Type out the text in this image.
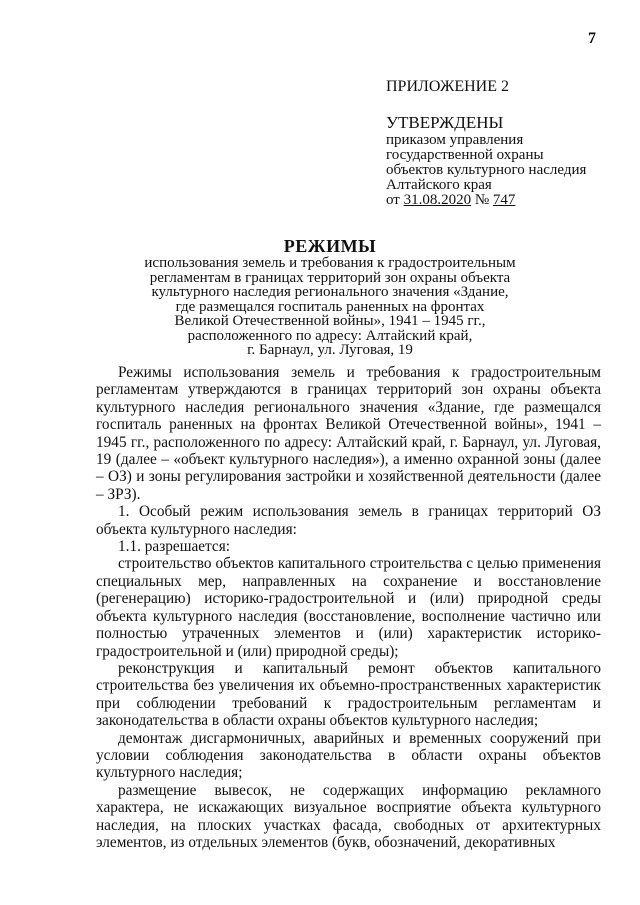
7
ПРИЛОЖЕНИЕ 2
УТВЕРЖДЕНЫ
приказом управления
государственной охраны
объектов культурного наследия
Алтайского края
от 31.08.2020 № 747
РЕЖИМЫ
использования земель и требования к градостроительным
регламентам в границах территорий зон охраны объекта
культурного наследия регионального значения «Здание,
где размещался госпиталь раненных на фронтах
Великой Отечественной войны», 1941 – 1945 гг.,
расположенного по адресу: Алтайский край,
г. Барнаул, ул. Луговая, 19

Режимы использования земель и требования к градостроительным регламентам утверждаются в границах территорий зон охраны объекта культурного наследия регионального значения «Здание, где размещался госпиталь раненных на фронтах Великой Отечественной войны», 1941 – 1945 гг., расположенного по адресу: Алтайский край, г. Барнаул, ул. Луговая, 19 (далее – «объект культурного наследия»), а именно охранной зоны (далее – ОЗ) и зоны регулирования застройки и хозяйственной деятельности (далее – ЗРЗ).

1. Особый режим использования земель в границах территорий ОЗ объекта культурного наследия:

1.1. разрешается:

строительство объектов капитального строительства с целью применения специальных мер, направленных на сохранение и восстановление (регенерацию) историко-градостроительной и (или) природной среды объекта культурного наследия (восстановление, восполнение частично или полностью утраченных элементов и (или) характеристик историко-градостроительной и (или) природной среды);

реконструкция и капитальный ремонт объектов капитального строительства без увеличения их объемно-пространственных характеристик при соблюдении требований к градостроительным регламентам и законодательства в области охраны объектов культурного наследия;

демонтаж дисгармоничных, аварийных и временных сооружений при условии соблюдения законодательства в области охраны объектов культурного наследия;

размещение вывесок, не содержащих информацию рекламного характера, не искажающих визуальное восприятие объекта культурного наследия, на плоских участках фасада, свободных от архитектурных элементов, из отдельных элементов (букв, обозначений, декоративных
